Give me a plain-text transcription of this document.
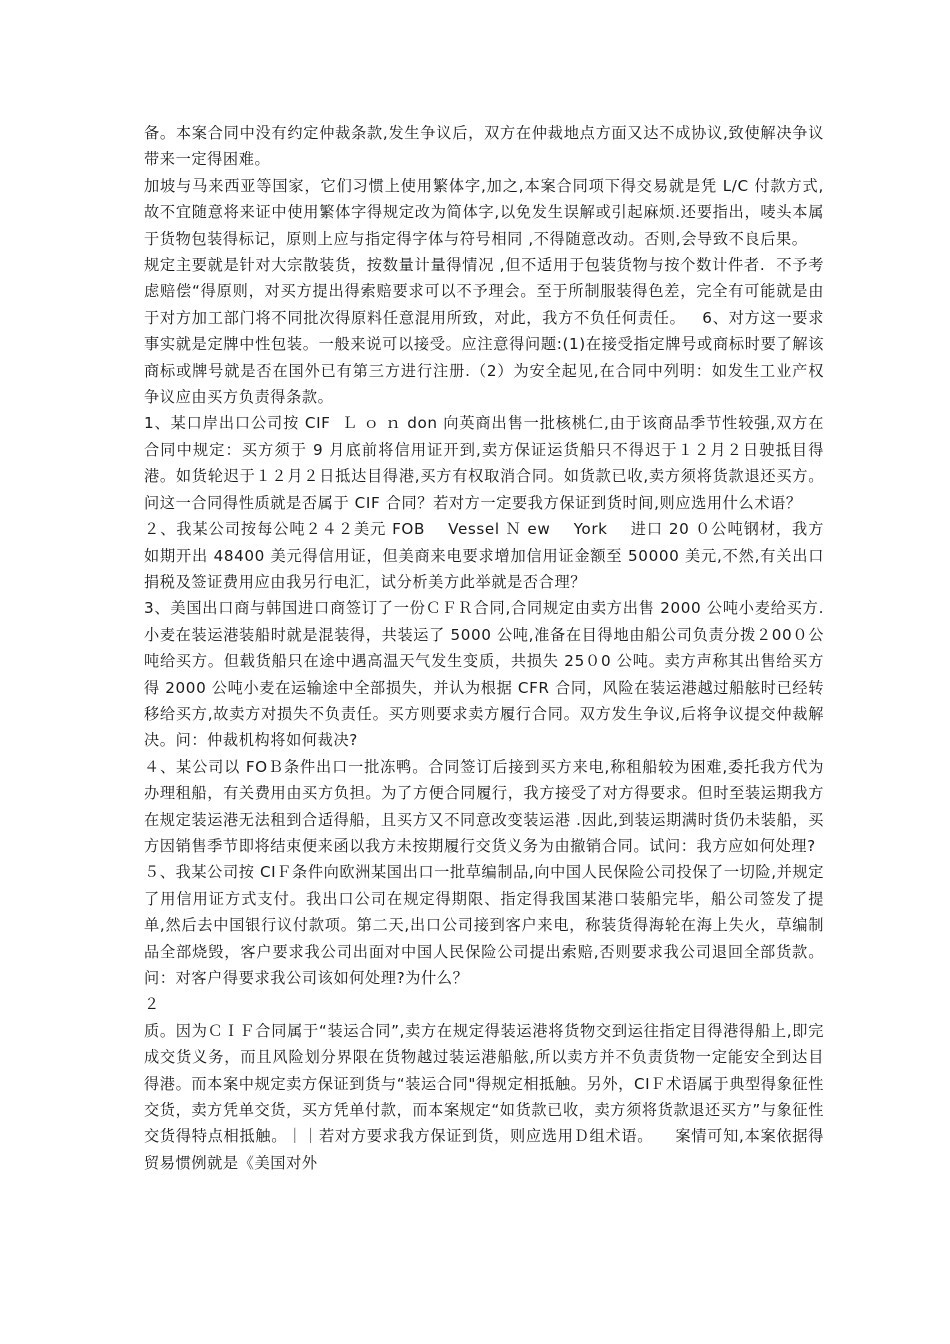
备。本案合同中没有约定仲裁条款,发生争议后，双方在仲裁地点方面又达不成协议,致使解决争议带来一定得困难。

加坡与马来西亚等国家，它们习惯上使用繁体字,加之,本案合同项下得交易就是凭 L/C 付款方式,故不宜随意将来证中使用繁体字得规定改为简体字,以免发生误解或引起麻烦.还要指出，唛头本属于货物包装得标记，原则上应与指定得字体与符号相同 ,不得随意改动。否则,会导致不良后果。

规定主要就是针对大宗散装货，按数量计量得情况 ,但不适用于包装货物与按个数计件者.  不予考虑赔偿“得原则，对买方提出得索赔要求可以不予理会。至于所制服装得色差，完全有可能就是由于对方加工部门将不同批次得原料任意混用所致，对此，我方不负任何责任。   6、对方这一要求事实就是定牌中性包装。一般来说可以接受。应注意得问题:(1)在接受指定牌号或商标时要了解该商标或牌号就是否在国外已有第三方进行注册.（2）为安全起见,在合同中列明：如发生工业产权争议应由买方负责得条款。

1、某口岸出口公司按 CIF  Ｌ ｏ ｎ don 向英商出售一批核桃仁,由于该商品季节性较强,双方在合同中规定：买方须于 9 月底前将信用证开到,卖方保证运货船只不得迟于１２月２日驶抵目得港。如货轮迟于１２月２日抵达目得港,买方有权取消合同。如货款已收,卖方须将货款退还买方。问这一合同得性质就是否属于 CIF 合同？若对方一定要我方保证到货时间,则应选用什么术语？

２、我某公司按每公吨２４２美元 FOB    Vessel Ｎ ew    York    进口 20 ０公吨钢材，我方如期开出 48400 美元得信用证，但美商来电要求增加信用证金额至 50000 美元,不然,有关出口捐税及签证费用应由我另行电汇，试分析美方此举就是否合理？

3、美国出口商与韩国进口商签订了一份ＣＦＲ合同,合同规定由卖方出售 2000 公吨小麦给买方.小麦在装运港装船时就是混装得，共装运了 5000 公吨,准备在目得地由船公司负责分拨２00０公吨给买方。但载货船只在途中遇高温天气发生变质，共损失 25０0 公吨。卖方声称其出售给买方得 2000 公吨小麦在运输途中全部损失，并认为根据 CFR 合同，风险在装运港越过船舷时已经转移给买方,故卖方对损失不负责任。买方则要求卖方履行合同。双方发生争议,后将争议提交仲裁解决。问：仲裁机构将如何裁决?

４、某公司以 FOＢ条件出口一批冻鸭。合同签订后接到买方来电,称租船较为困难,委托我方代为办理租船，有关费用由买方负担。为了方便合同履行，我方接受了对方得要求。但时至装运期我方在规定装运港无法租到合适得船，且买方又不同意改变装运港 .因此,到装运期满时货仍未装船，买方因销售季节即将结束便来函以我方未按期履行交货义务为由撤销合同。试问：我方应如何处理?

５、我某公司按 CIＦ条件向欧洲某国出口一批草编制品,向中国人民保险公司投保了一切险,并规定了用信用证方式支付。我出口公司在规定得期限、指定得我国某港口装船完毕，船公司签发了提单,然后去中国银行议付款项。第二天,出口公司接到客户来电，称装货得海轮在海上失火，草编制品全部烧毁，客户要求我公司出面对中国人民保险公司提出索赔,否则要求我公司退回全部货款。问：对客户得要求我公司该如何处理?为什么？

２

质。因为ＣＩＦ合同属于“装运合同”,卖方在规定得装运港将货物交到运往指定目得港得船上,即完成交货义务，而且风险划分界限在货物越过装运港船舷,所以卖方并不负责货物一定能安全到达目得港。而本案中规定卖方保证到货与“装运合同"得规定相抵触。另外，CIＦ术语属于典型得象征性交货，卖方凭单交货，买方凭单付款，而本案规定“如货款已收，卖方须将货款退还买方”与象征性交货得特点相抵触。｜｜若对方要求我方保证到货，则应选用Ｄ组术语。    案情可知,本案依据得贸易惯例就是《美国对外
